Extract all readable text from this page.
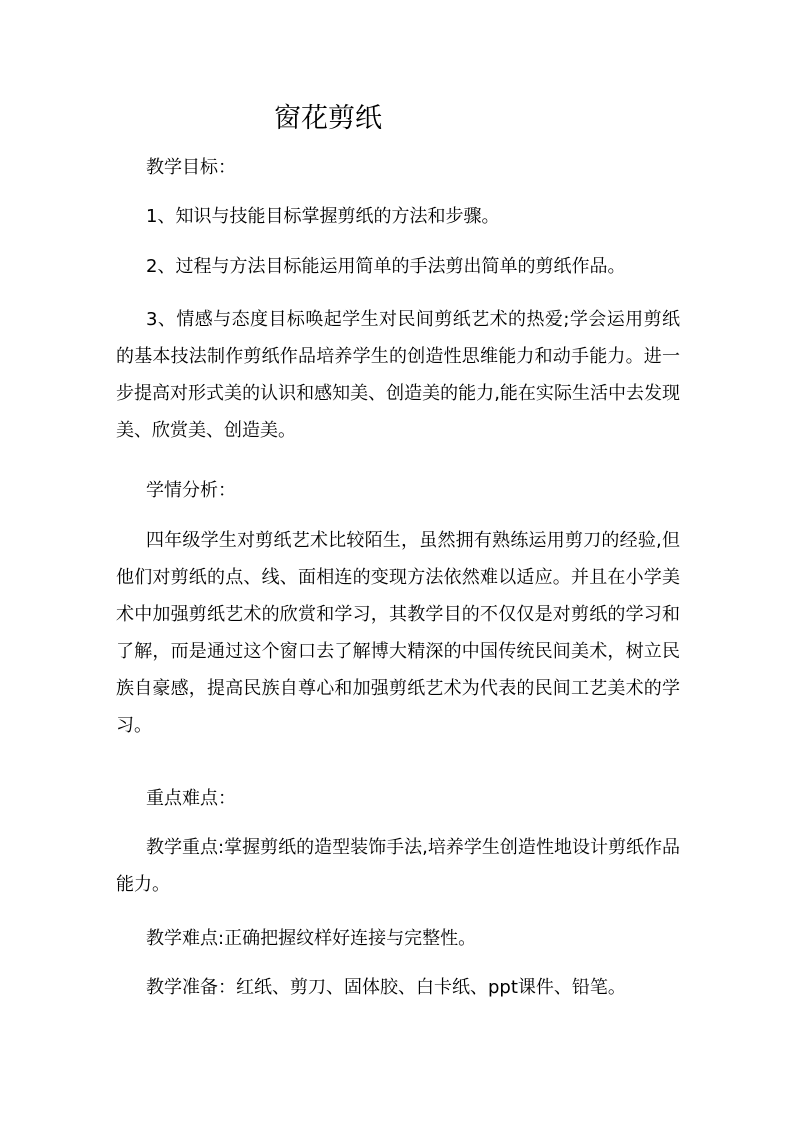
窗花剪纸

教学目标：

1、知识与技能目标掌握剪纸的方法和步骤。

2、过程与方法目标能运用简单的手法剪出简单的剪纸作品。

3、情感与态度目标唤起学生对民间剪纸艺术的热爱;学会运用剪纸的基本技法制作剪纸作品培养学生的创造性思维能力和动手能力。进一步提高对形式美的认识和感知美、创造美的能力,能在实际生活中去发现美、欣赏美、创造美。

学情分析：

四年级学生对剪纸艺术比较陌生，虽然拥有熟练运用剪刀的经验,但他们对剪纸的点、线、面相连的变现方法依然难以适应。并且在小学美术中加强剪纸艺术的欣赏和学习，其教学目的不仅仅是对剪纸的学习和了解，而是通过这个窗口去了解博大精深的中国传统民间美术，树立民族自豪感，提高民族自尊心和加强剪纸艺术为代表的民间工艺美术的学习。

重点难点：

教学重点:掌握剪纸的造型装饰手法,培养学生创造性地设计剪纸作品能力。

教学难点:正确把握纹样好连接与完整性。

教学准备：红纸、剪刀、固体胶、白卡纸、ppt课件、铅笔。
